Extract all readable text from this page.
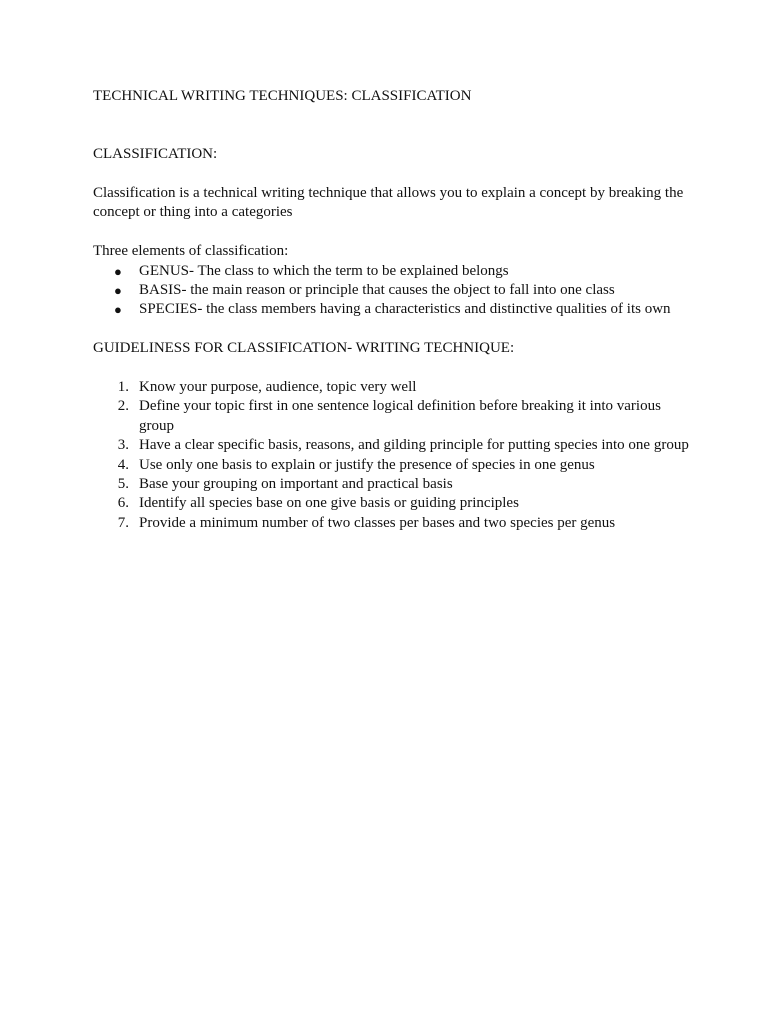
TECHNICAL WRITING TECHNIQUES: CLASSIFICATION

CLASSIFICATION:

Classification is a technical writing technique that allows you to explain a concept by breaking the concept or thing into a categories

Three elements of classification:

● GENUS- The class to which the term to be explained belongs
● BASIS- the main reason or principle that causes the object to fall into one class
● SPECIES- the class members having a characteristics and distinctive qualities of its own

GUIDELINESS FOR CLASSIFICATION- WRITING TECHNIQUE:

1. Know your purpose, audience, topic very well
2. Define your topic first in one sentence logical definition before breaking it into various group
3. Have a clear specific basis, reasons, and gilding principle for putting species into one group
4. Use only one basis to explain or justify the presence of species in one genus
5. Base your grouping on important and practical basis
6. Identify all species base on one give basis or guiding principles
7. Provide a minimum number of two classes per bases and two species per genus
